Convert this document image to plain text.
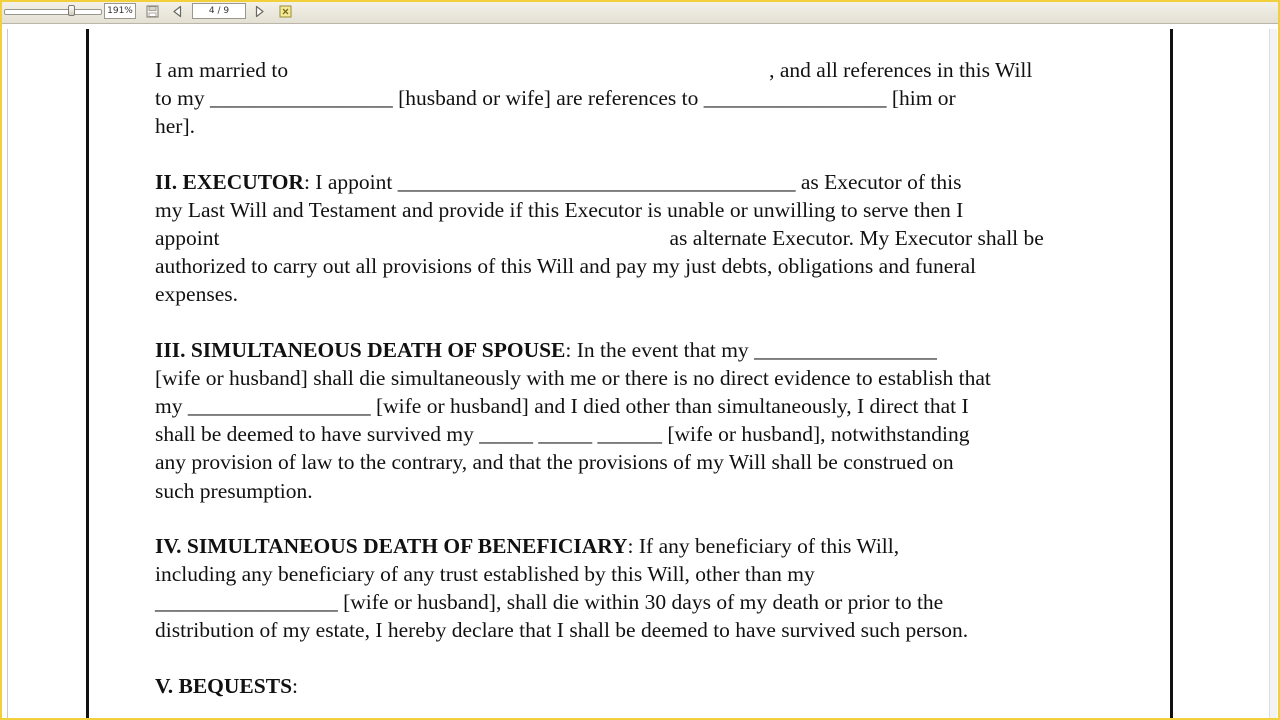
191%	4 / 9
I am married to	, and all references in this Will
to my _________________ [husband or wife] are references to _________________ [him or
her].
II. EXECUTOR: I appoint _____________________________________ as Executor of this
my Last Will and Testament and provide if this Executor is unable or unwilling to serve then I
appoint	as alternate Executor. My Executor shall be
authorized to carry out all provisions of this Will and pay my just debts, obligations and funeral
expenses.
III. SIMULTANEOUS DEATH OF SPOUSE: In the event that my _________________
[wife or husband] shall die simultaneously with me or there is no direct evidence to establish that
my _________________ [wife or husband] and I died other than simultaneously, I direct that I
shall be deemed to have survived my _____ _____ ______ [wife or husband], notwithstanding
any provision of law to the contrary, and that the provisions of my Will shall be construed on
such presumption.
IV. SIMULTANEOUS DEATH OF BENEFICIARY: If any beneficiary of this Will,
including any beneficiary of any trust established by this Will, other than my
_________________ [wife or husband], shall die within 30 days of my death or prior to the
distribution of my estate, I hereby declare that I shall be deemed to have survived such person.
V. BEQUESTS:
